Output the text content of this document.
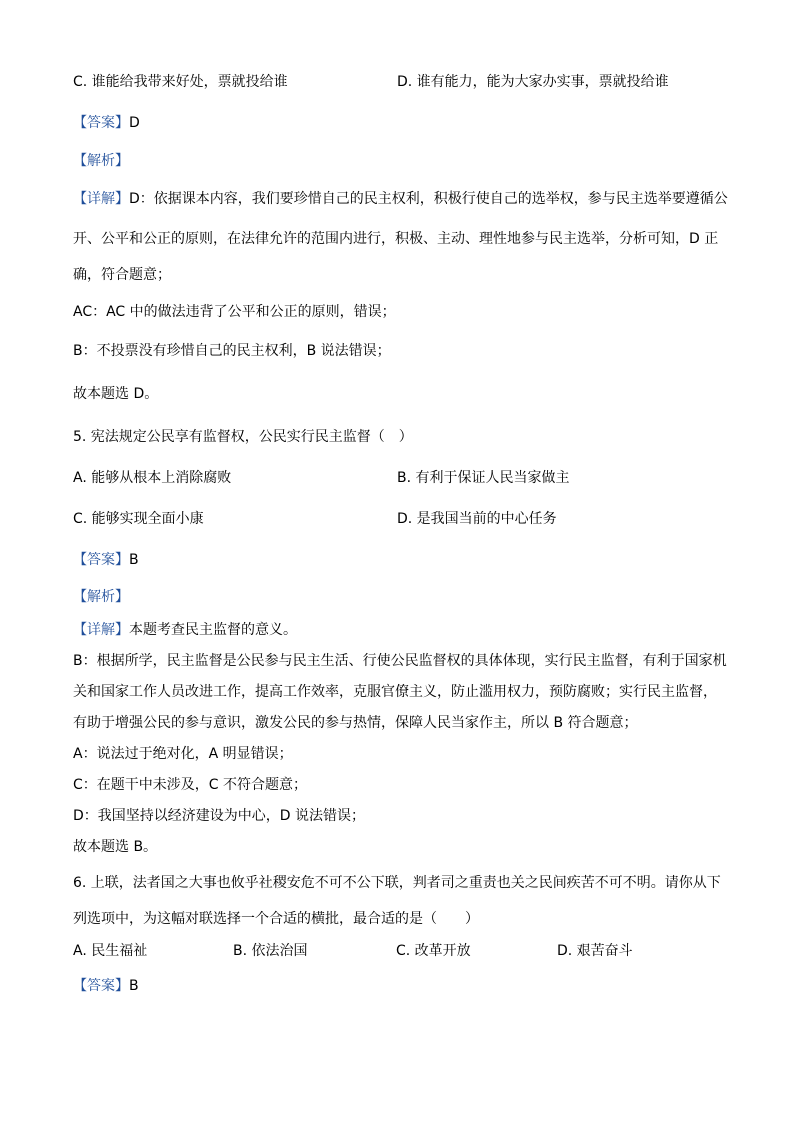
C. 谁能给我带来好处，票就投给谁	D. 谁有能力，能为大家办实事，票就投给谁
【答案】D
【解析】
【详解】D：依据课本内容，我们要珍惜自己的民主权利，积极行使自己的选举权，参与民主选举要遵循公
开、公平和公正的原则，在法律允许的范围内进行，积极、主动、理性地参与民主选举，分析可知，D 正
确，符合题意；
AC：AC 中的做法违背了公平和公正的原则，错误；
B：不投票没有珍惜自己的民主权利，B 说法错误；
故本题选 D。
5. 宪法规定公民享有监督权，公民实行民主监督（　）
A. 能够从根本上消除腐败	B. 有利于保证人民当家做主
C. 能够实现全面小康	D. 是我国当前的中心任务
【答案】B
【解析】
【详解】本题考查民主监督的意义。
B：根据所学，民主监督是公民参与民主生活、行使公民监督权的具体体现，实行民主监督，有利于国家机
关和国家工作人员改进工作，提高工作效率，克服官僚主义，防止滥用权力，预防腐败；实行民主监督，
有助于增强公民的参与意识，激发公民的参与热情，保障人民当家作主，所以 B 符合题意；
A：说法过于绝对化，A 明显错误；
C：在题干中未涉及，C 不符合题意；
D：我国坚持以经济建设为中心，D 说法错误；
故本题选 B。
6. 上联，法者国之大事也攸乎社稷安危不可不公下联，判者司之重责也关之民间疾苦不可不明。请你从下
列选项中，为这幅对联选择一个合适的横批，最合适的是（　　）
A. 民生福祉	B. 依法治国	C. 改革开放	D. 艰苦奋斗
【答案】B
